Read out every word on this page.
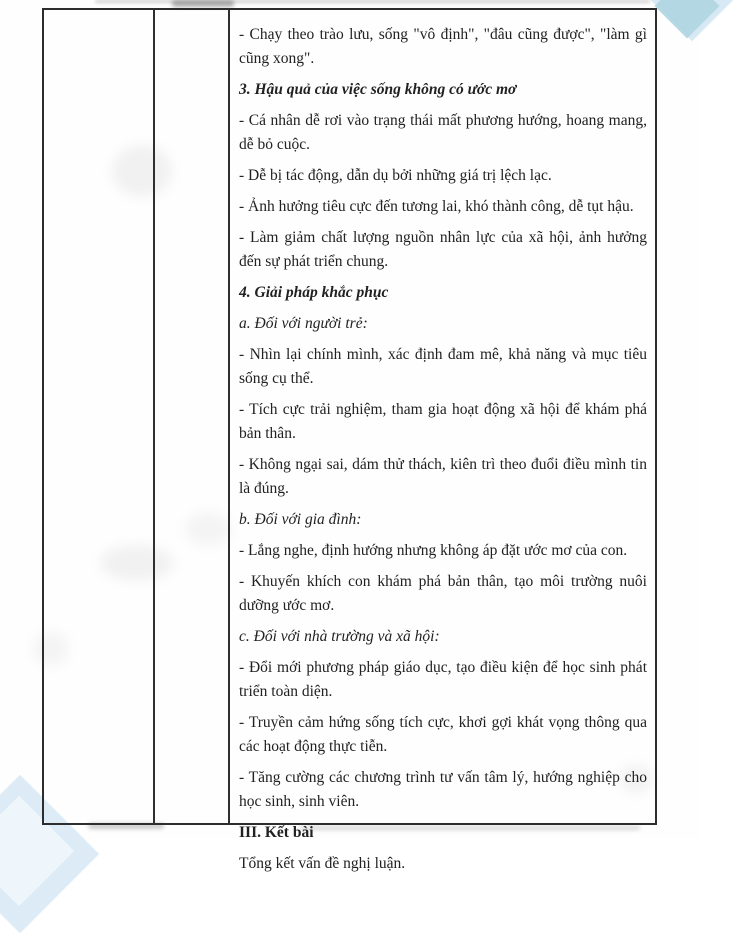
- Chạy theo trào lưu, sống "vô định", "đâu cũng được", "làm gì cũng xong".

3. Hậu quả của việc sống không có ước mơ

- Cá nhân dễ rơi vào trạng thái mất phương hướng, hoang mang, dễ bỏ cuộc.

- Dễ bị tác động, dẫn dụ bởi những giá trị lệch lạc.

- Ảnh hưởng tiêu cực đến tương lai, khó thành công, dễ tụt hậu.

- Làm giảm chất lượng nguồn nhân lực của xã hội, ảnh hưởng đến sự phát triển chung.

4. Giải pháp khắc phục

a. Đối với người trẻ:

- Nhìn lại chính mình, xác định đam mê, khả năng và mục tiêu sống cụ thể.

- Tích cực trải nghiệm, tham gia hoạt động xã hội để khám phá bản thân.

- Không ngại sai, dám thử thách, kiên trì theo đuổi điều mình tin là đúng.

b. Đối với gia đình:

- Lắng nghe, định hướng nhưng không áp đặt ước mơ của con.

- Khuyến khích con khám phá bản thân, tạo môi trường nuôi dưỡng ước mơ.

c. Đối với nhà trường và xã hội:

- Đổi mới phương pháp giáo dục, tạo điều kiện để học sinh phát triển toàn diện.

- Truyền cảm hứng sống tích cực, khơi gợi khát vọng thông qua các hoạt động thực tiễn.

- Tăng cường các chương trình tư vấn tâm lý, hướng nghiệp cho học sinh, sinh viên.

III. Kết bài

Tổng kết vấn đề nghị luận.
